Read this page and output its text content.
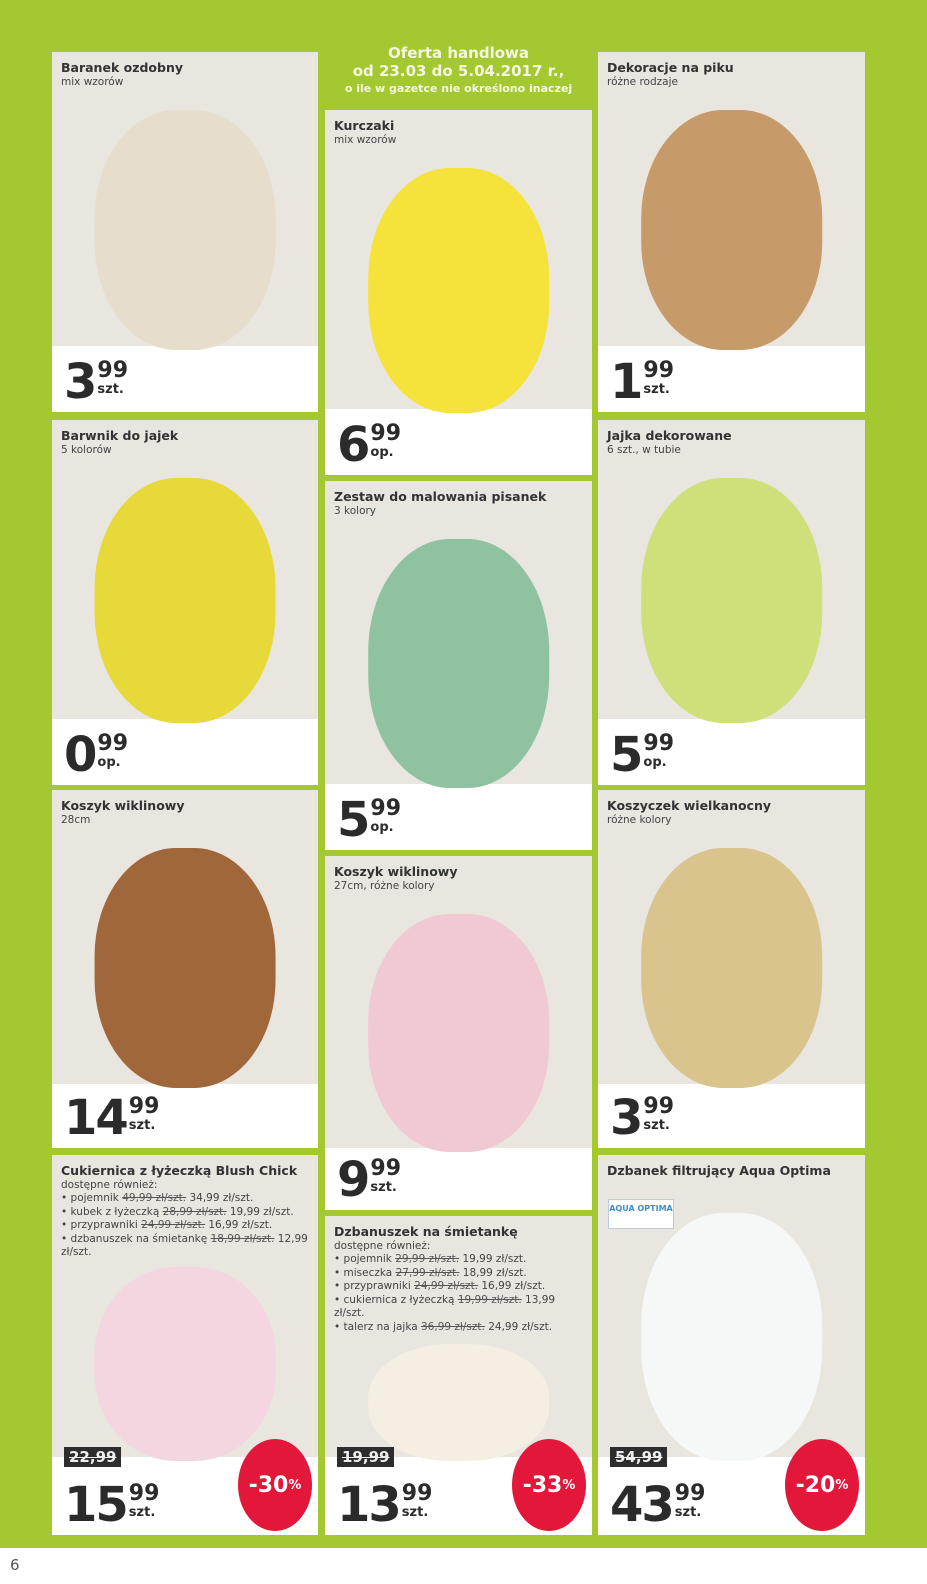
Oferta handlowa
od 23.03 do 5.04.2017 r.,
o ile w gazetce nie określono inaczej
Baranek ozdobny
mix wzorów
3 99
szt.
Kurczaki
mix wzorów
6 99
op.
Dekoracje na piku
różne rodzaje
1 99
szt.
Barwnik do jajek
5 kolorów
0 99
op.
Zestaw do malowania pisanek
3 kolory
5 99
op.
Jajka dekorowane
6 szt., w tubie
5 99
op.
Koszyk wiklinowy
28cm
14 99
szt.
Koszyk wiklinowy
27cm, różne kolory
9 99
szt.
Koszyczek wielkanocny
różne kolory
3 99
szt.
Cukiernica z łyżeczką Blush Chick
dostępne również:
• pojemnik 49,99 zł/szt. 34,99 zł/szt.
• kubek z łyżeczką 28,99 zł/szt. 19,99 zł/szt.
• przyprawniki 24,99 zł/szt. 16,99 zł/szt.
• dzbanuszek na śmietankę 18,99 zł/szt. 12,99 zł/szt.
22,99
-30 %
15 99
szt.
Dzbanuszek na śmietankę
dostępne również:
• pojemnik 29,99 zł/szt. 19,99 zł/szt.
• miseczka 27,99 zł/szt. 18,99 zł/szt.
• przyprawniki 24,99 zł/szt. 16,99 zł/szt.
• cukiernica z łyżeczką 19,99 zł/szt. 13,99 zł/szt.
• talerz na jajka 36,99 zł/szt. 24,99 zł/szt.
19,99
-33 %
13 99
szt.
Dzbanek filtrujący Aqua Optima
AQUA OPTIMA
54,99
-20 %
43 99
szt.
6
